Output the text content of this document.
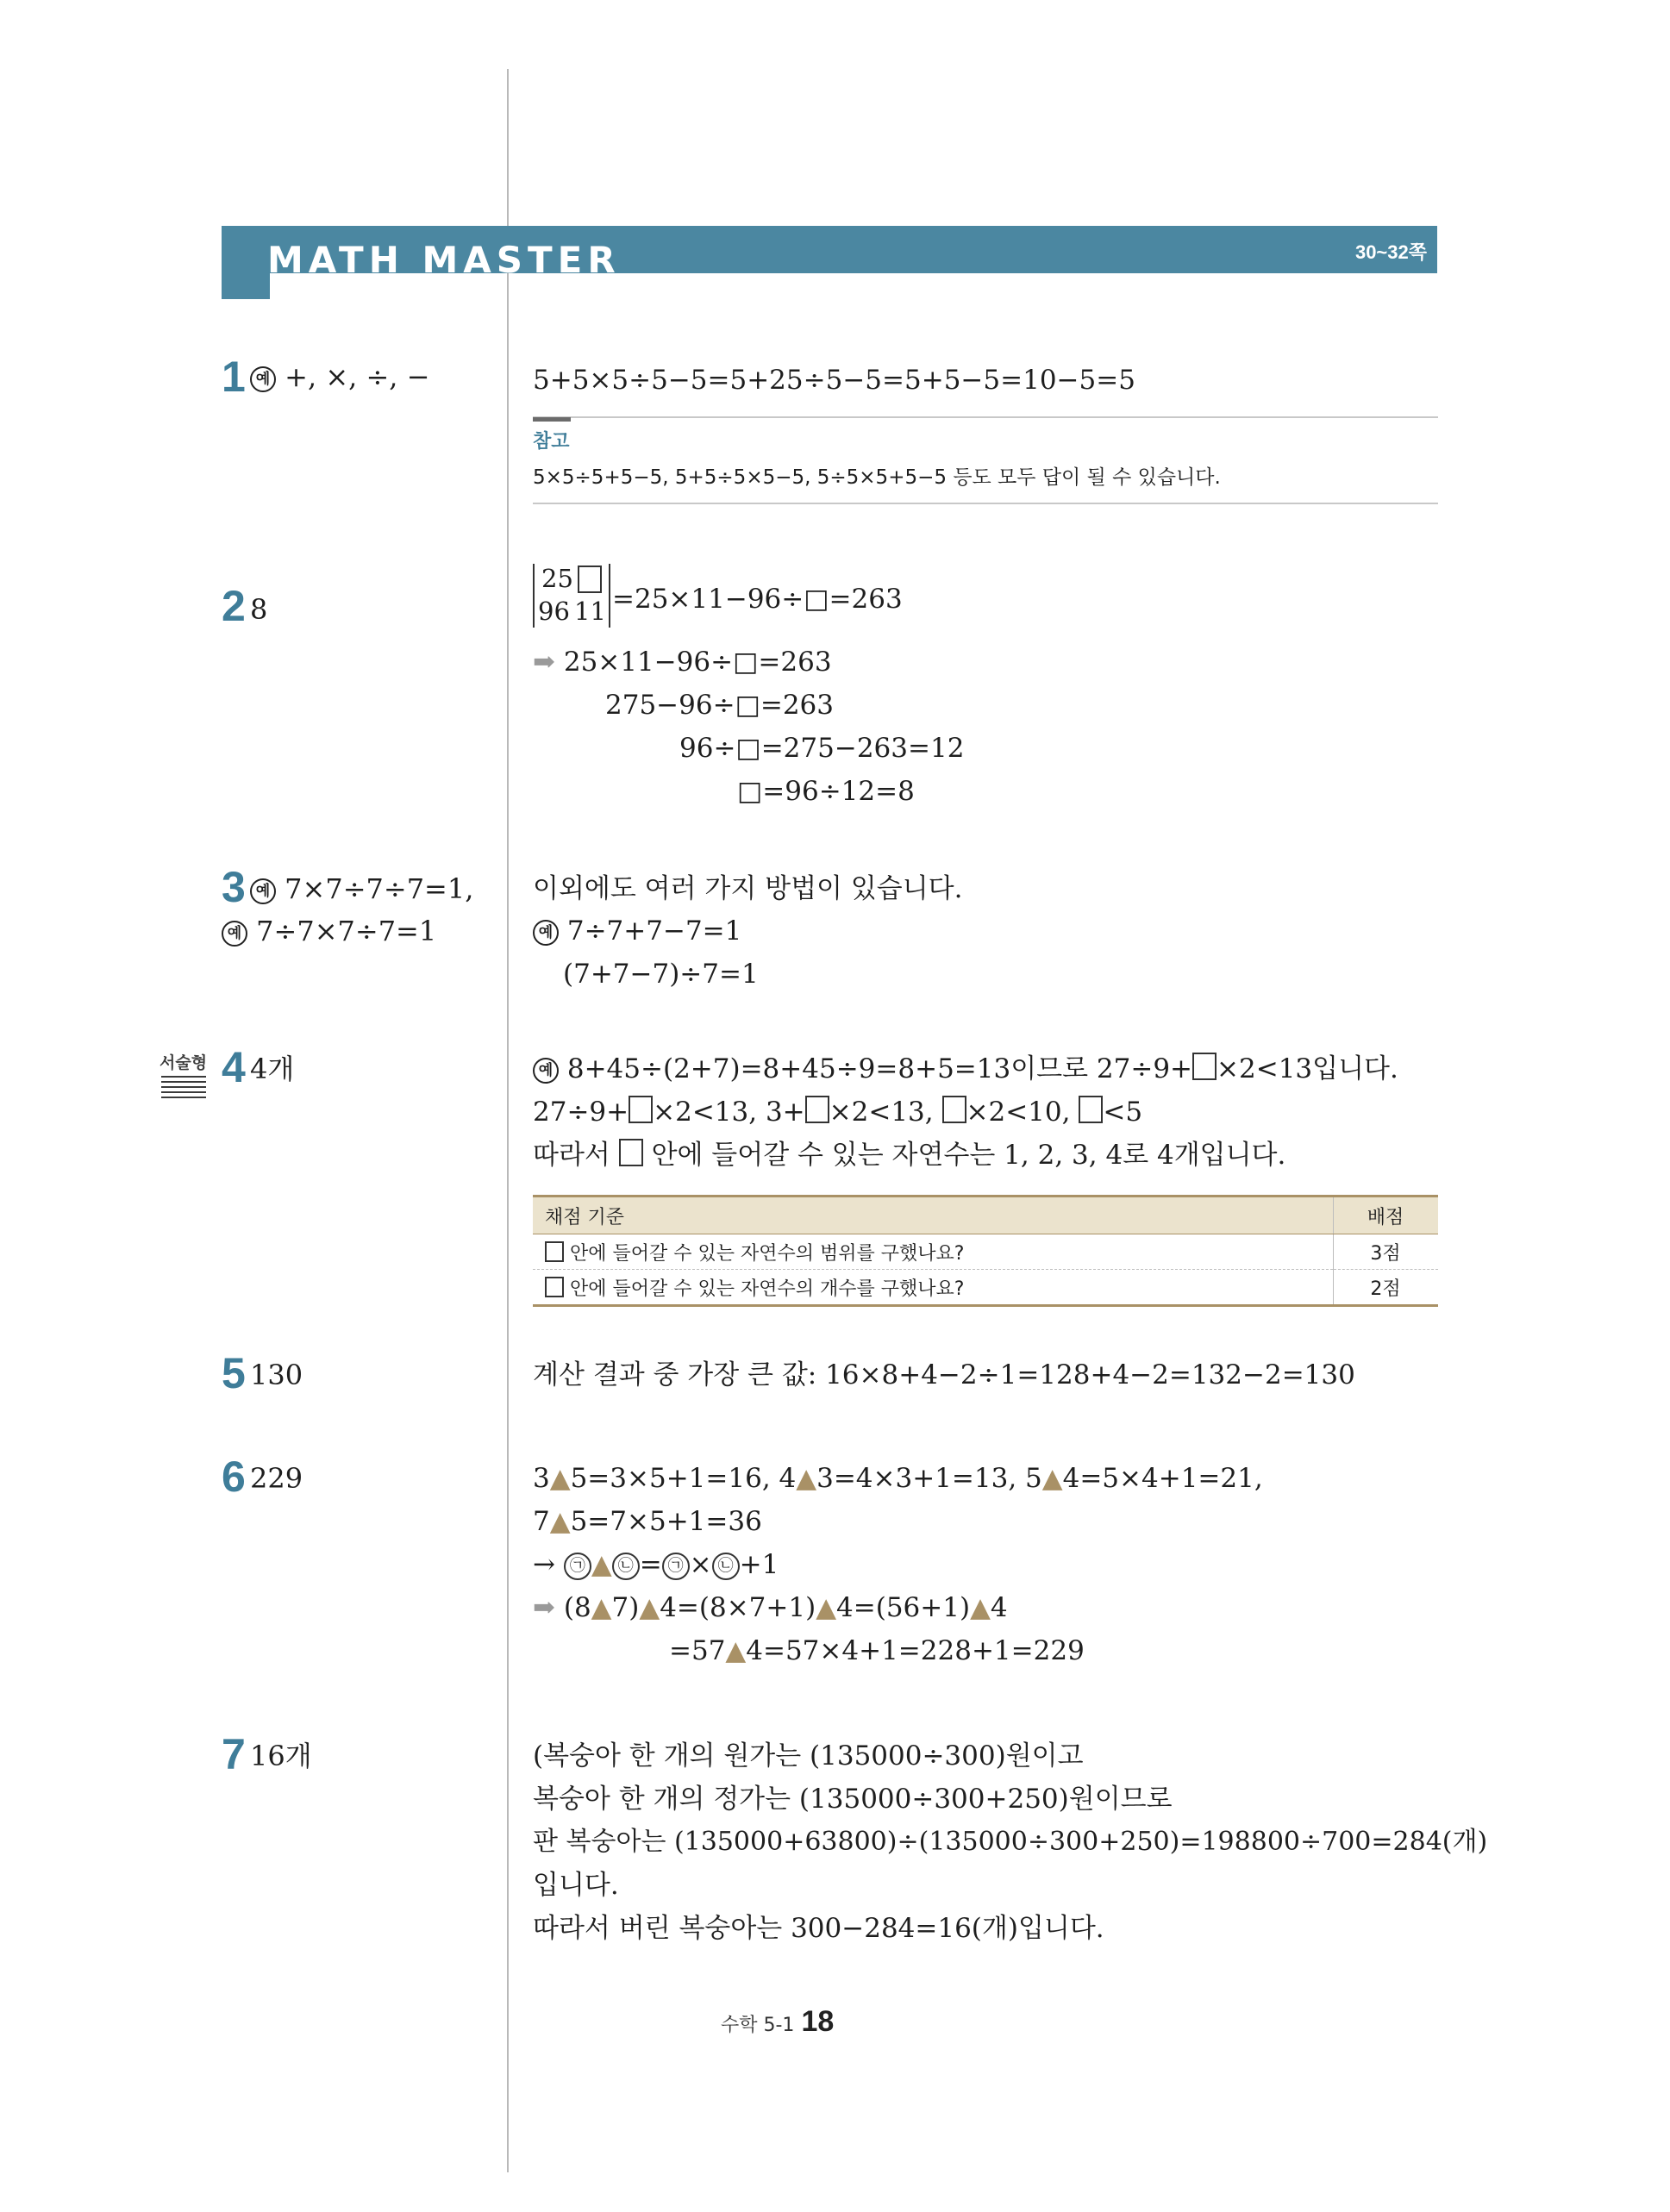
MATH MASTER	30~32쪽
1 예 +, ×, ÷, −	5+5×5÷5−5=5+25÷5−5=5+5−5=10−5=5
참고
5×5÷5+5−5, 5+5÷5×5−5, 5÷5×5+5−5 등도 모두 답이 될 수 있습니다.
2 8
25
96 11 =25×11−96÷□=263
➡ 25×11−96÷□=263
275−96÷□=263
96÷□=275−263=12
□=96÷12=8
3 예 7×7÷7÷7=1,
예 7÷7×7÷7=1
이외에도 여러 가지 방법이 있습니다.
예 7÷7+7−7=1
(7+7−7)÷7=1
서술형 4 4개	예 8+45÷(2+7)=8+45÷9=8+5=13이므로 27÷9+ ×2<13입니다.
27÷9+ ×2<13, 3+ ×2<13, ×2<10, <5
따라서 안에 들어갈 수 있는 자연수는 1, 2, 3, 4로 4개입니다.
채점 기준	배점
안에 들어갈 수 있는 자연수의 범위를 구했나요?	3점
안에 들어갈 수 있는 자연수의 개수를 구했나요?	2점
5 130	계산 결과 중 가장 큰 값: 16×8+4−2÷1=128+4−2=132−2=130
6 229	3▲5=3×5+1=16, 4▲3=4×3+1=13, 5▲4=5×4+1=21,
7▲5=7×5+1=36
→ ㉠ ▲ ㉡ = ㉠ × ㉡ +1
➡ (8▲7)▲4=(8×7+1)▲4=(56+1)▲4
=57▲4=57×4+1=228+1=229
7 16개	(복숭아 한 개의 원가는 (135000÷300)원이고
복숭아 한 개의 정가는 (135000÷300+250)원이므로
판 복숭아는 (135000+63800)÷(135000÷300+250)=198800÷700=284(개)
입니다.
따라서 버린 복숭아는 300−284=16(개)입니다.
수학 5-1 18
